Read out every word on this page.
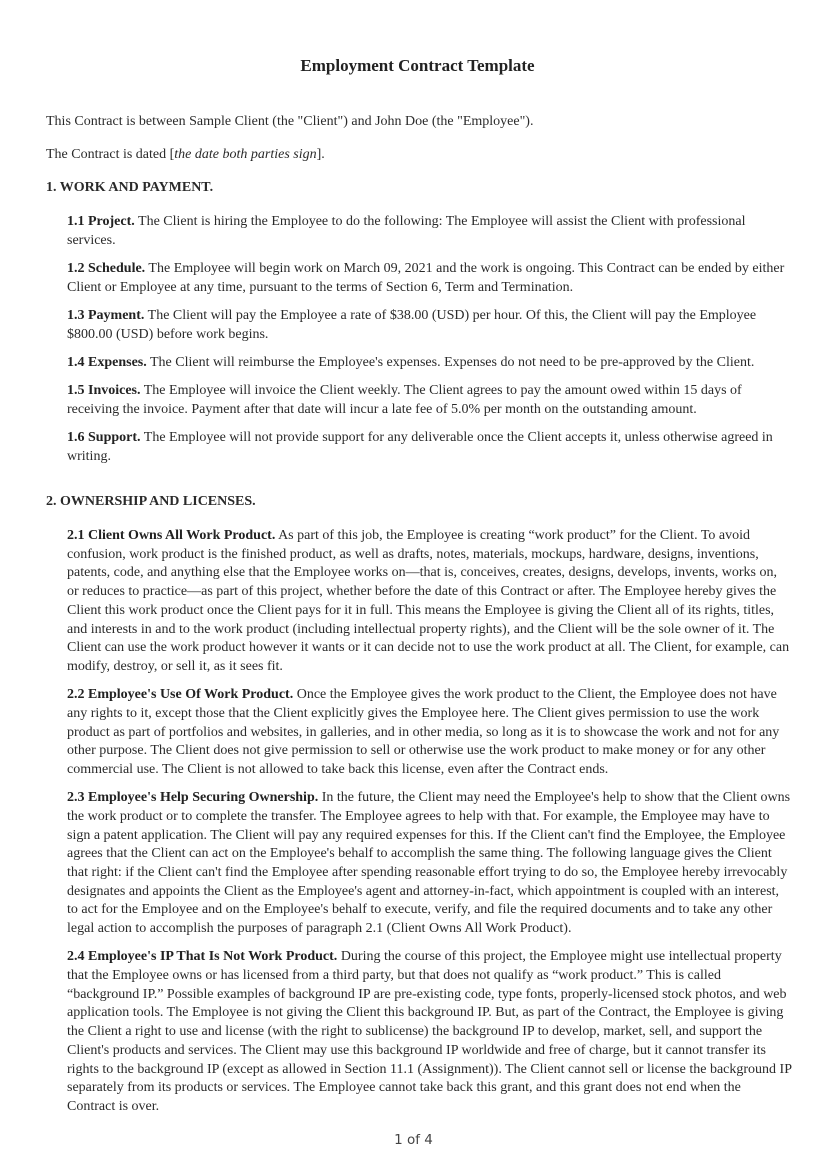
Employment Contract Template

This Contract is between Sample Client (the "Client") and John Doe (the "Employee").

The Contract is dated [the date both parties sign].

1. WORK AND PAYMENT.

1.1 Project. The Client is hiring the Employee to do the following: The Employee will assist the Client with professional services.

1.2 Schedule. The Employee will begin work on March 09, 2021 and the work is ongoing. This Contract can be ended by either Client or Employee at any time, pursuant to the terms of Section 6, Term and Termination.

1.3 Payment. The Client will pay the Employee a rate of $38.00 (USD) per hour. Of this, the Client will pay the Employee $800.00 (USD) before work begins.

1.4 Expenses. The Client will reimburse the Employee's expenses. Expenses do not need to be pre-approved by the Client.

1.5 Invoices. The Employee will invoice the Client weekly. The Client agrees to pay the amount owed within 15 days of receiving the invoice. Payment after that date will incur a late fee of 5.0% per month on the outstanding amount.

1.6 Support. The Employee will not provide support for any deliverable once the Client accepts it, unless otherwise agreed in writing.

2. OWNERSHIP AND LICENSES.

2.1 Client Owns All Work Product. As part of this job, the Employee is creating “work product” for the Client. To avoid confusion, work product is the finished product, as well as drafts, notes, materials, mockups, hardware, designs, inventions, patents, code, and anything else that the Employee works on—that is, conceives, creates, designs, develops, invents, works on, or reduces to practice—as part of this project, whether before the date of this Contract or after. The Employee hereby gives the Client this work product once the Client pays for it in full. This means the Employee is giving the Client all of its rights, titles, and interests in and to the work product (including intellectual property rights), and the Client will be the sole owner of it. The Client can use the work product however it wants or it can decide not to use the work product at all. The Client, for example, can modify, destroy, or sell it, as it sees fit.

2.2 Employee's Use Of Work Product. Once the Employee gives the work product to the Client, the Employee does not have any rights to it, except those that the Client explicitly gives the Employee here. The Client gives permission to use the work product as part of portfolios and websites, in galleries, and in other media, so long as it is to showcase the work and not for any other purpose. The Client does not give permission to sell or otherwise use the work product to make money or for any other commercial use. The Client is not allowed to take back this license, even after the Contract ends.

2.3 Employee's Help Securing Ownership. In the future, the Client may need the Employee's help to show that the Client owns the work product or to complete the transfer. The Employee agrees to help with that. For example, the Employee may have to sign a patent application. The Client will pay any required expenses for this. If the Client can't find the Employee, the Employee agrees that the Client can act on the Employee's behalf to accomplish the same thing. The following language gives the Client that right: if the Client can't find the Employee after spending reasonable effort trying to do so, the Employee hereby irrevocably designates and appoints the Client as the Employee's agent and attorney-in-fact, which appointment is coupled with an interest, to act for the Employee and on the Employee's behalf to execute, verify, and file the required documents and to take any other legal action to accomplish the purposes of paragraph 2.1 (Client Owns All Work Product).

2.4 Employee's IP That Is Not Work Product. During the course of this project, the Employee might use intellectual property that the Employee owns or has licensed from a third party, but that does not qualify as “work product.” This is called “background IP.” Possible examples of background IP are pre-existing code, type fonts, properly-licensed stock photos, and web application tools. The Employee is not giving the Client this background IP. But, as part of the Contract, the Employee is giving the Client a right to use and license (with the right to sublicense) the background IP to develop, market, sell, and support the Client's products and services. The Client may use this background IP worldwide and free of charge, but it cannot transfer its rights to the background IP (except as allowed in Section 11.1 (Assignment)). The Client cannot sell or license the background IP separately from its products or services. The Employee cannot take back this grant, and this grant does not end when the Contract is over.

1 of 4
